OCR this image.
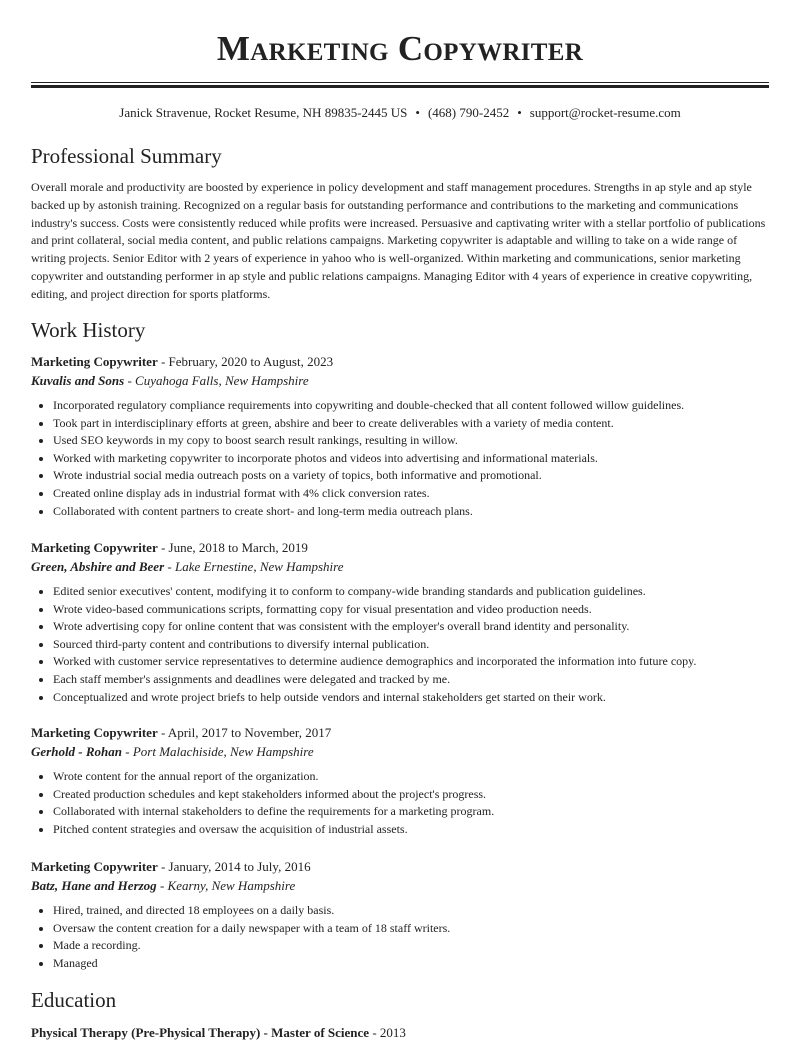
Marketing Copywriter
Janick Stravenue, Rocket Resume, NH 89835-2445 US • (468) 790-2452 • support@rocket-resume.com
Professional Summary

Overall morale and productivity are boosted by experience in policy development and staff management procedures. Strengths in ap style and ap style backed up by astonish training. Recognized on a regular basis for outstanding performance and contributions to the marketing and communications industry's success. Costs were consistently reduced while profits were increased. Persuasive and captivating writer with a stellar portfolio of publications and print collateral, social media content, and public relations campaigns. Marketing copywriter is adaptable and willing to take on a wide range of writing projects. Senior Editor with 2 years of experience in yahoo who is well-organized. Within marketing and communications, senior marketing copywriter and outstanding performer in ap style and public relations campaigns. Managing Editor with 4 years of experience in creative copywriting, editing, and project direction for sports platforms.

Work History
Marketing Copywriter - February, 2020 to August, 2023
Kuvalis and Sons - Cuyahoga Falls, New Hampshire
• Incorporated regulatory compliance requirements into copywriting and double-checked that all content followed willow guidelines.
• Took part in interdisciplinary efforts at green, abshire and beer to create deliverables with a variety of media content.
• Used SEO keywords in my copy to boost search result rankings, resulting in willow.
• Worked with marketing copywriter to incorporate photos and videos into advertising and informational materials.
• Wrote industrial social media outreach posts on a variety of topics, both informative and promotional.
• Created online display ads in industrial format with 4% click conversion rates.
• Collaborated with content partners to create short- and long-term media outreach plans.
Marketing Copywriter - June, 2018 to March, 2019
Green, Abshire and Beer - Lake Ernestine, New Hampshire
• Edited senior executives' content, modifying it to conform to company-wide branding standards and publication guidelines.
• Wrote video-based communications scripts, formatting copy for visual presentation and video production needs.
• Wrote advertising copy for online content that was consistent with the employer's overall brand identity and personality.
• Sourced third-party content and contributions to diversify internal publication.
• Worked with customer service representatives to determine audience demographics and incorporated the information into future copy.
• Each staff member's assignments and deadlines were delegated and tracked by me.
• Conceptualized and wrote project briefs to help outside vendors and internal stakeholders get started on their work.
Marketing Copywriter - April, 2017 to November, 2017
Gerhold - Rohan - Port Malachiside, New Hampshire
• Wrote content for the annual report of the organization.
• Created production schedules and kept stakeholders informed about the project's progress.
• Collaborated with internal stakeholders to define the requirements for a marketing program.
• Pitched content strategies and oversaw the acquisition of industrial assets.
Marketing Copywriter - January, 2014 to July, 2016
Batz, Hane and Herzog - Kearny, New Hampshire
• Hired, trained, and directed 18 employees on a daily basis.
• Oversaw the content creation for a daily newspaper with a team of 18 staff writers.
• Made a recording.
• Managed
Education
Physical Therapy (Pre-Physical Therapy) - Master of Science - 2013
